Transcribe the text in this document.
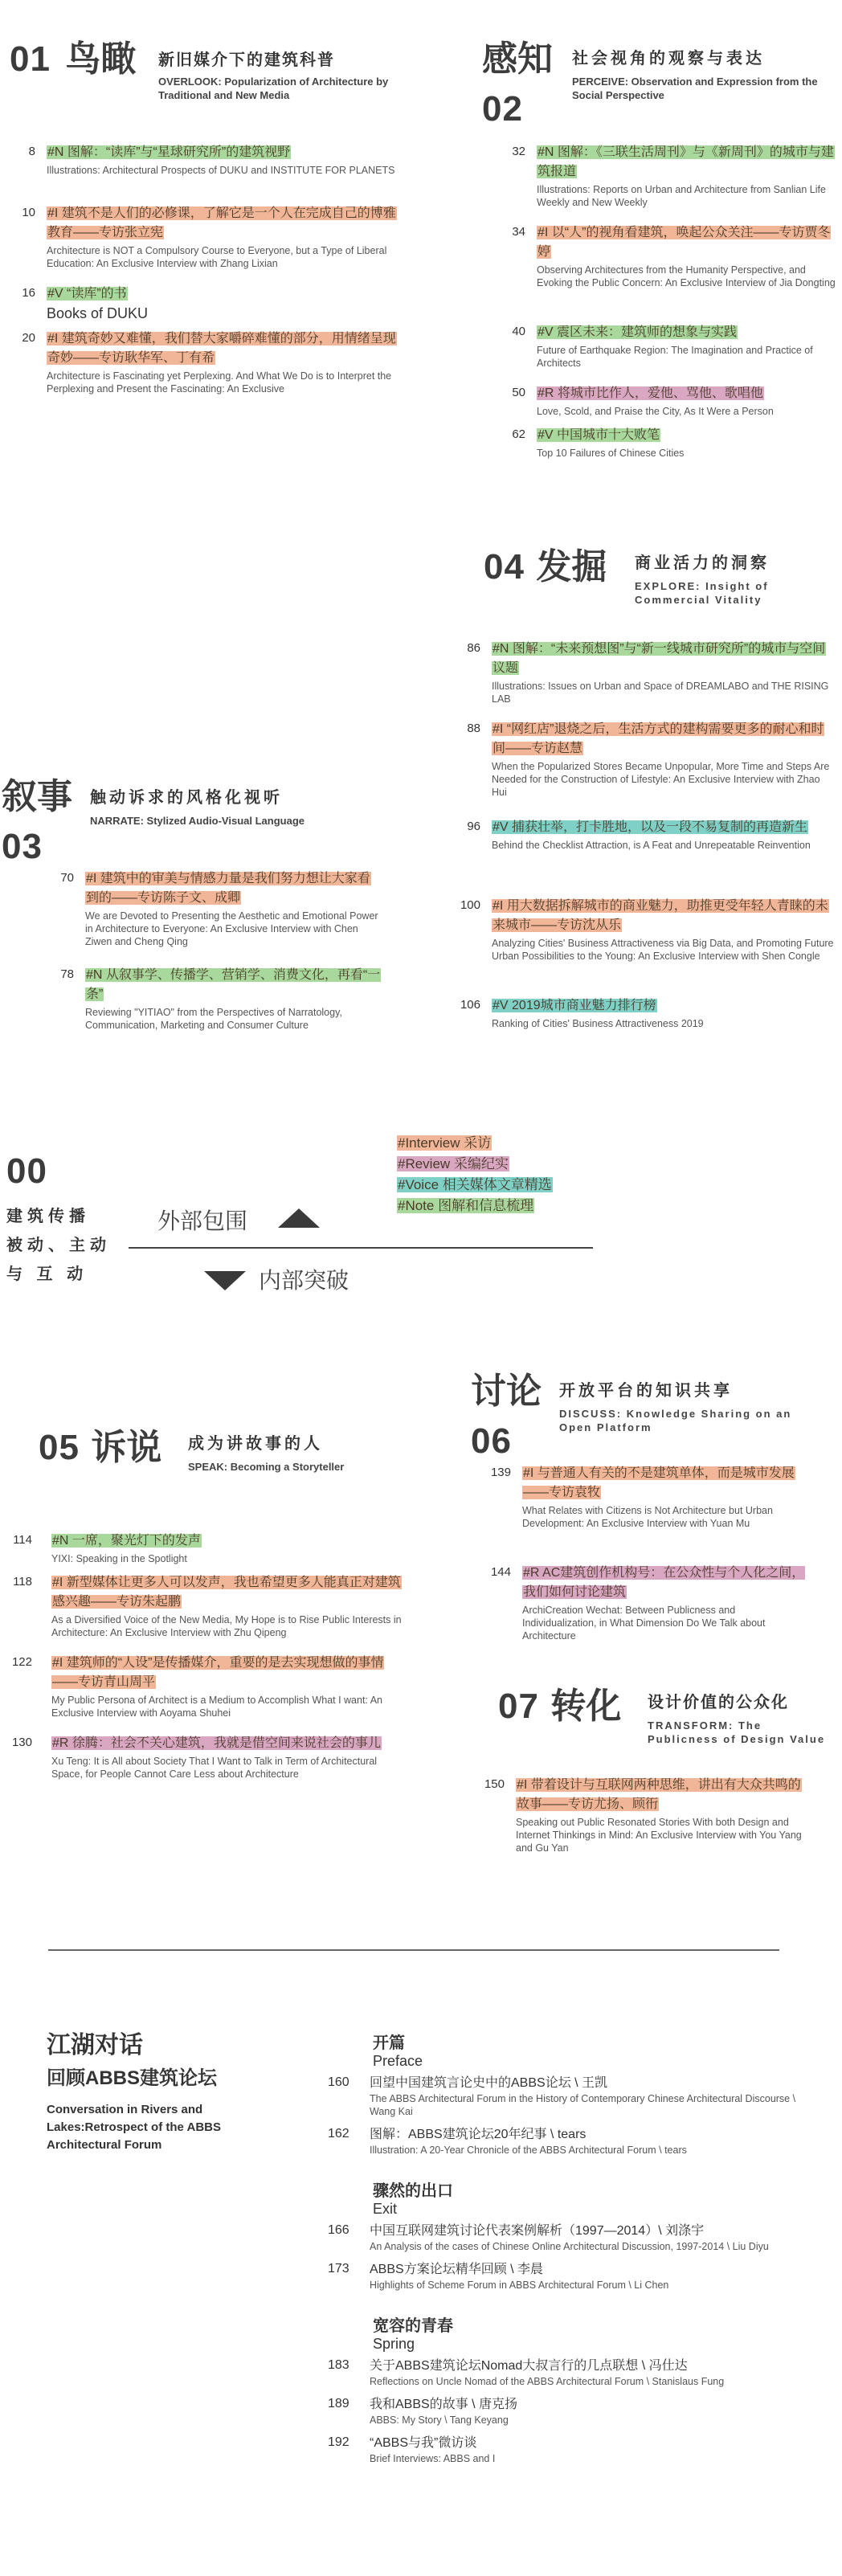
01 鸟瞰 新旧媒介下的建筑科普
OVERLOOK: Popularization of Architecture by Traditional and New Media
8 #N 图解：“读库”与“星球研究所”的建筑视野
Illustrations: Architectural Prospects of DUKU and INSTITUTE FOR PLANETS
10 #I 建筑不是人们的必修课，了解它是一个人在完成自己的博雅教育——专访张立宪
Architecture is NOT a Compulsory Course to Everyone, but a Type of Liberal Education: An Exclusive Interview with Zhang Lixian
16 #V “读库”的书
Books of DUKU
20 #I 建筑奇妙又难懂，我们替大家嚼碎难懂的部分，用情绪呈现奇妙——专访耿华军、丁有希
Architecture is Fascinating yet Perplexing. And What We Do is to Interpret the Perplexing and Present the Fascinating: An Exclusive
感知
02
社会视角的观察与表达
PERCEIVE: Observation and Expression from the Social Perspective
32 #N 图解：《三联生活周刊》与《新周刊》的城市与建筑报道
Illustrations: Reports on Urban and Architecture from Sanlian Life Weekly and New Weekly
34 #I 以“人”的视角看建筑，唤起公众关注——专访贾冬婷
Observing Architectures from the Humanity Perspective, and Evoking the Public Concern: An Exclusive Interview of Jia Dongting
40 #V 震区未来：建筑师的想象与实践
Future of Earthquake Region: The Imagination and Practice of Architects
50 #R 将城市比作人，爱他、骂他、歌唱他
Love, Scold, and Praise the City, As It Were a Person
62 #V 中国城市十大败笔
Top 10 Failures of Chinese Cities
04 发掘 商业活力的洞察
EXPLORE: Insight of Commercial Vitality
86 #N 图解：“未来预想图”与“新一线城市研究所”的城市与空间议题
Illustrations: Issues on Urban and Space of DREAMLABO and THE RISING LAB
88 #I “网红店”退烧之后，生活方式的建构需要更多的耐心和时间——专访赵慧
When the Popularized Stores Became Unpopular, More Time and Steps Are Needed for the Construction of Lifestyle: An Exclusive Interview with Zhao Hui
96 #V 捕获壮举，打卡胜地，以及一段不易复制的再造新生
Behind the Checklist Attraction, is A Feat and Unrepeatable Reinvention
100 #I 用大数据拆解城市的商业魅力，助推更受年轻人青睐的未来城市——专访沈从乐
Analyzing Cities' Business Attractiveness via Big Data, and Promoting Future Urban Possibilities to the Young: An Exclusive Interview with Shen Congle
106 #V 2019城市商业魅力排行榜
Ranking of Cities' Business Attractiveness 2019
叙事
03
触动诉求的风格化视听
NARRATE: Stylized Audio-Visual Language
70 #I 建筑中的审美与情感力量是我们努力想让大家看到的——专访陈子文、成卿
We are Devoted to Presenting the Aesthetic and Emotional Power in Architecture to Everyone: An Exclusive Interview with Chen Ziwen and Cheng Qing
78 #N 从叙事学、传播学、营销学、消费文化，再看“一条”
Reviewing "YITIAO" from the Perspectives of Narratology, Communication, Marketing and Consumer Culture
00
建筑传播
被动、主动
与 互 动
外部包围
内部突破
#Interview 采访
#Review 采编纪实
#Voice 相关媒体文章精选
#Note 图解和信息梳理
讨论
06
开放平台的知识共享
DISCUSS: Knowledge Sharing on an Open Platform
139 #I 与普通人有关的不是建筑单体，而是城市发展——专访袁牧
What Relates with Citizens is Not Architecture but Urban Development: An Exclusive Interview with Yuan Mu
144 #R AC建筑创作机构号：在公众性与个人化之间，我们如何讨论建筑
ArchiCreation Wechat: Between Publicness and Individualization, in What Dimension Do We Talk about Architecture
05 诉说 成为讲故事的人
SPEAK: Becoming a Storyteller
114 #N 一席，聚光灯下的发声
YIXI: Speaking in the Spotlight
118 #I 新型媒体让更多人可以发声，我也希望更多人能真正对建筑感兴趣——专访朱起鹏
As a Diversified Voice of the New Media, My Hope is to Rise Public Interests in Architecture: An Exclusive Interview with Zhu Qipeng
122 #I 建筑师的“人设”是传播媒介，重要的是去实现想做的事情——专访青山周平
My Public Persona of Architect is a Medium to Accomplish What I want: An Exclusive Interview with Aoyama Shuhei
130 #R 徐腾：社会不关心建筑，我就是借空间来说社会的事儿
Xu Teng: It is All about Society That I Want to Talk in Term of Architectural Space, for People Cannot Care Less about Architecture
07 转化 设计价值的公众化
TRANSFORM: The Publicness of Design Value
150 #I 带着设计与互联网两种思维，讲出有大众共鸣的故事——专访尤扬、顾衎
Speaking out Public Resonated Stories With both Design and Internet Thinkings in Mind: An Exclusive Interview with You Yang and Gu Yan
江湖对话
回顾ABBS建筑论坛
Conversation in Rivers and Lakes:Retrospect of the ABBS Architectural Forum
开篇
Preface
160 回望中国建筑言论史中的ABBS论坛 \ 王凯
The ABBS Architectural Forum in the History of Contemporary Chinese Architectural Discourse \ Wang Kai
162 图解：ABBS建筑论坛20年纪事 \ tears
Illustration: A 20-Year Chronicle of the ABBS Architectural Forum \ tears
骤然的出口
Exit
166 中国互联网建筑讨论代表案例解析（1997—2014）\ 刘涤宇
An Analysis of the cases of Chinese Online Architectural Discussion, 1997-2014 \ Liu Diyu
173 ABBS方案论坛精华回顾 \ 李晨
Highlights of Scheme Forum in ABBS Architectural Forum \ Li Chen
宽容的青春
Spring
183 关于ABBS建筑论坛Nomad大叔言行的几点联想 \ 冯仕达
Reflections on Uncle Nomad of the ABBS Architectural Forum \ Stanislaus Fung
189 我和ABBS的故事 \ 唐克扬
ABBS: My Story \ Tang Keyang
192 “ABBS与我”微访谈
Brief Interviews: ABBS and I
